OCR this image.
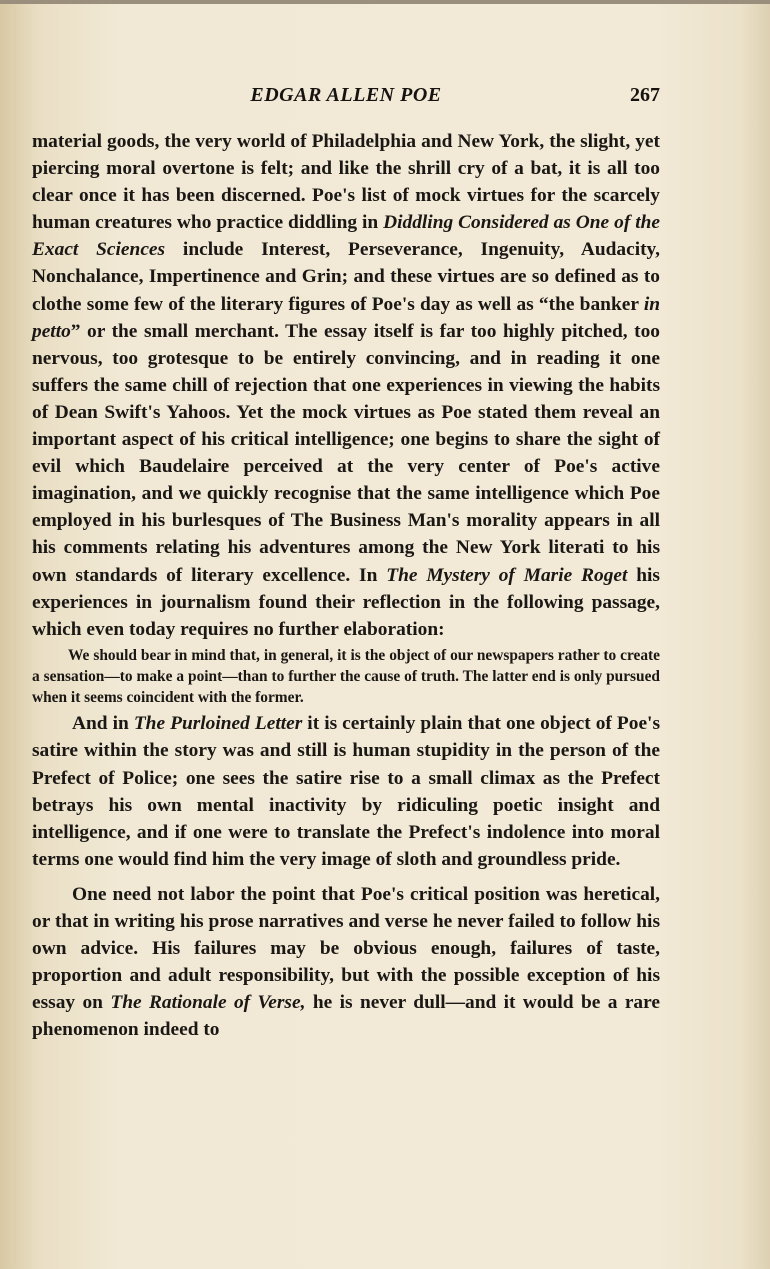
EDGAR ALLEN POE	267

material goods, the very world of Philadelphia and New York, the slight, yet piercing moral overtone is felt; and like the shrill cry of a bat, it is all too clear once it has been discerned. Poe's list of mock virtues for the scarcely human creatures who practice diddling in Diddling Considered as One of the Exact Sciences include Interest, Perseverance, Ingenuity, Audacity, Nonchalance, Impertinence and Grin; and these virtues are so defined as to clothe some few of the literary figures of Poe's day as well as “the banker in petto” or the small merchant. The essay itself is far too highly pitched, too nervous, too grotesque to be entirely convincing, and in reading it one suffers the same chill of rejection that one experiences in viewing the habits of Dean Swift's Yahoos. Yet the mock virtues as Poe stated them reveal an important aspect of his critical intelligence; one begins to share the sight of evil which Baudelaire perceived at the very center of Poe's active imagination, and we quickly recognise that the same intelligence which Poe employed in his burlesques of The Business Man's morality appears in all his comments relating his adventures among the New York literati to his own standards of literary excellence. In The Mystery of Marie Roget his experiences in journalism found their reflection in the following passage, which even today requires no further elaboration:

We should bear in mind that, in general, it is the object of our newspapers rather to create a sensation—to make a point—than to further the cause of truth. The latter end is only pursued when it seems coincident with the former.

And in The Purloined Letter it is certainly plain that one object of Poe's satire within the story was and still is human stupidity in the person of the Prefect of Police; one sees the satire rise to a small climax as the Prefect betrays his own mental inactivity by ridiculing poetic insight and intelligence, and if one were to translate the Prefect's indolence into moral terms one would find him the very image of sloth and groundless pride.

One need not labor the point that Poe's critical position was heretical, or that in writing his prose narratives and verse he never failed to follow his own advice. His failures may be obvious enough, failures of taste, proportion and adult responsibility, but with the possible exception of his essay on The Rationale of Verse, he is never dull—and it would be a rare phenomenon indeed to
